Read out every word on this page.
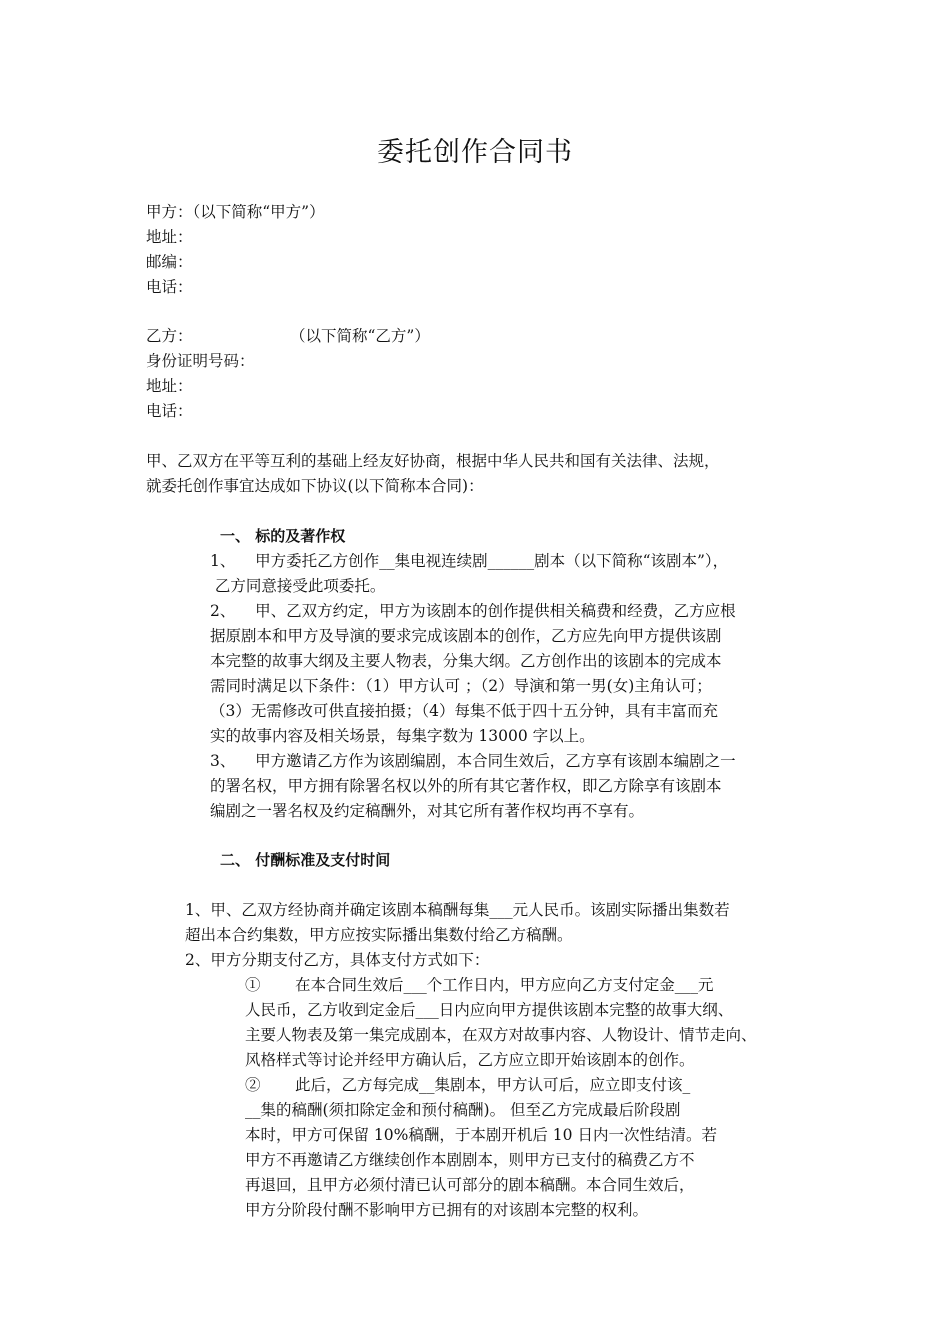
委托创作合同书
甲方：（以下简称“甲方”）
地址：
邮编：
电话：
乙方：	（以下简称“乙方”）
身份证明号码：
地址：
电话：
甲、乙双方在平等互利的基础上经友好协商，根据中华人民共和国有关法律、法规，
就委托创作事宜达成如下协议(以下简称本合同)：
一、 标的及著作权
1、    甲方委托乙方创作__集电视连续剧______剧本（以下简称“该剧本”），
乙方同意接受此项委托。
2、    甲、乙双方约定，甲方为该剧本的创作提供相关稿费和经费，乙方应根
据原剧本和甲方及导演的要求完成该剧本的创作，乙方应先向甲方提供该剧
本完整的故事大纲及主要人物表，分集大纲。乙方创作出的该剧本的完成本
需同时满足以下条件：（1）甲方认可 ；（2）导演和第一男(女)主角认可；
（3）无需修改可供直接拍摄；（4）每集不低于四十五分钟，具有丰富而充
实的故事内容及相关场景，每集字数为 13000 字以上。
3、    甲方邀请乙方作为该剧编剧，本合同生效后，乙方享有该剧本编剧之一
的署名权，甲方拥有除署名权以外的所有其它著作权，即乙方除享有该剧本
编剧之一署名权及约定稿酬外，对其它所有著作权均再不享有。
二、 付酬标准及支付时间
1、甲、乙双方经协商并确定该剧本稿酬每集___元人民币。该剧实际播出集数若
超出本合约集数，甲方应按实际播出集数付给乙方稿酬。
2、甲方分期支付乙方，具体支付方式如下：
①       在本合同生效后___个工作日内，甲方应向乙方支付定金___元
人民币，乙方收到定金后___日内应向甲方提供该剧本完整的故事大纲、
主要人物表及第一集完成剧本，在双方对故事内容、人物设计、情节走向、
风格样式等讨论并经甲方确认后，乙方应立即开始该剧本的创作。
②       此后，乙方每完成__集剧本，甲方认可后，应立即支付该_
__集的稿酬(须扣除定金和预付稿酬)。 但至乙方完成最后阶段剧
本时，甲方可保留 10%稿酬，于本剧开机后 10 日内一次性结清。若
甲方不再邀请乙方继续创作本剧剧本，则甲方已支付的稿费乙方不
再退回，且甲方必须付清已认可部分的剧本稿酬。本合同生效后，
甲方分阶段付酬不影响甲方已拥有的对该剧本完整的权利。
